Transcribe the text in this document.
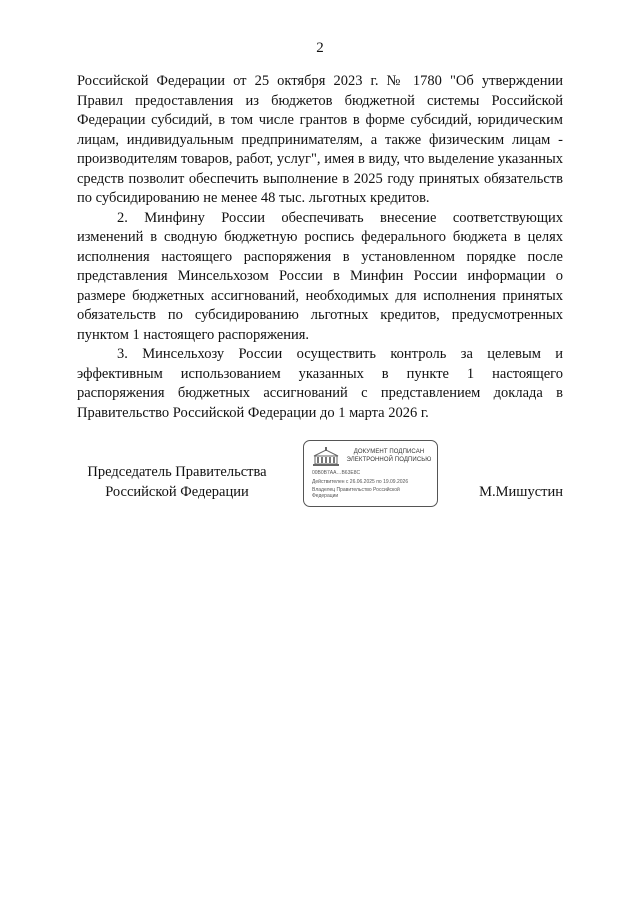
2

Российской Федерации от 25 октября 2023 г. № 1780 "Об утверждении Правил предоставления из бюджетов бюджетной системы Российской Федерации субсидий, в том числе грантов в форме субсидий, юридическим лицам, индивидуальным предпринимателям, а также физическим лицам - производителям товаров, работ, услуг", имея в виду, что выделение указанных средств позволит обеспечить выполнение в 2025 году принятых обязательств по субсидированию не менее 48 тыс. льготных кредитов.

2. Минфину России обеспечивать внесение соответствующих изменений в сводную бюджетную роспись федерального бюджета в целях исполнения настоящего распоряжения в установленном порядке после представления Минсельхозом России в Минфин России информации о размере бюджетных ассигнований, необходимых для исполнения принятых обязательств по субсидированию льготных кредитов, предусмотренных пунктом 1 настоящего распоряжения.

3. Минсельхозу России осуществить контроль за целевым и эффективным использованием указанных в пункте 1 настоящего распоряжения бюджетных ассигнований с представлением доклада в Правительство Российской Федерации до 1 марта 2026 г.

Председатель Правительства
Российской Федерации
ДОКУМЕНТ ПОДПИСАН
ЭЛЕКТРОННОЙ ПОДПИСЬЮ
00B0B7AA…B63E8C
Действителен с 26.06.2025 по 19.09.2026
Владелец Правительство Российской
Федерации	М.Мишустин
